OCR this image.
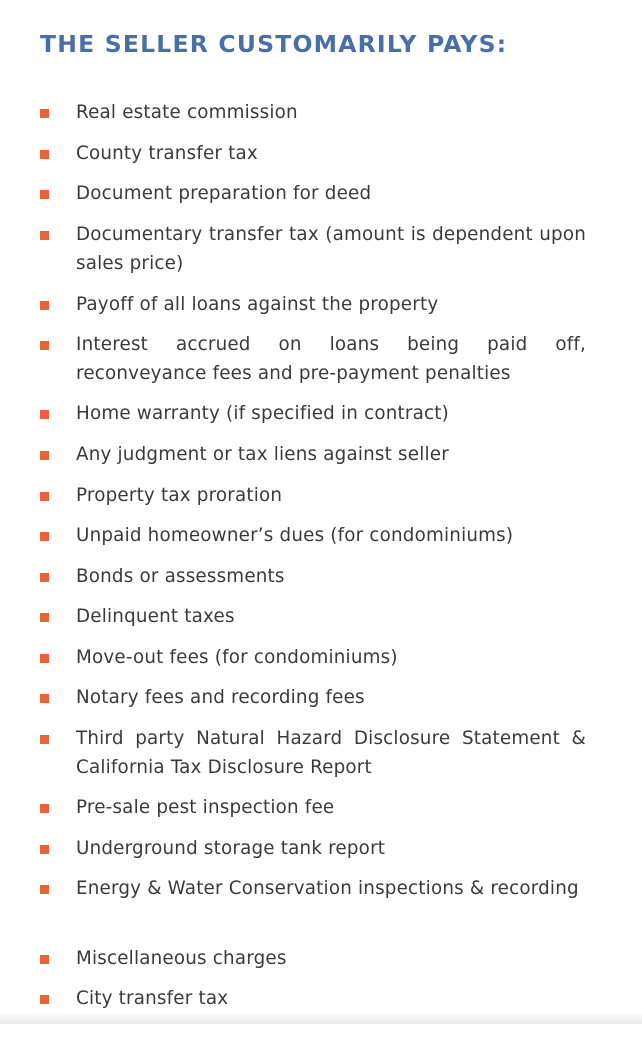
THE SELLER CUSTOMARILY PAYS:
Real estate commission
County transfer tax
Document preparation for deed
Documentary transfer tax (amount is dependent upon sales price)
Payoff of all loans against the property
Interest accrued on loans being paid off, reconveyance fees and pre-payment penalties
Home warranty (if specified in contract)
Any judgment or tax liens against seller
Property tax proration
Unpaid homeowner’s dues (for condominiums)
Bonds or assessments
Delinquent taxes
Move-out fees (for condominiums)
Notary fees and recording fees
Third party Natural Hazard Disclosure Statement & California Tax Disclosure Report
Pre-sale pest inspection fee
Underground storage tank report
Energy & Water Conservation inspections & recording
Miscellaneous charges
City transfer tax
